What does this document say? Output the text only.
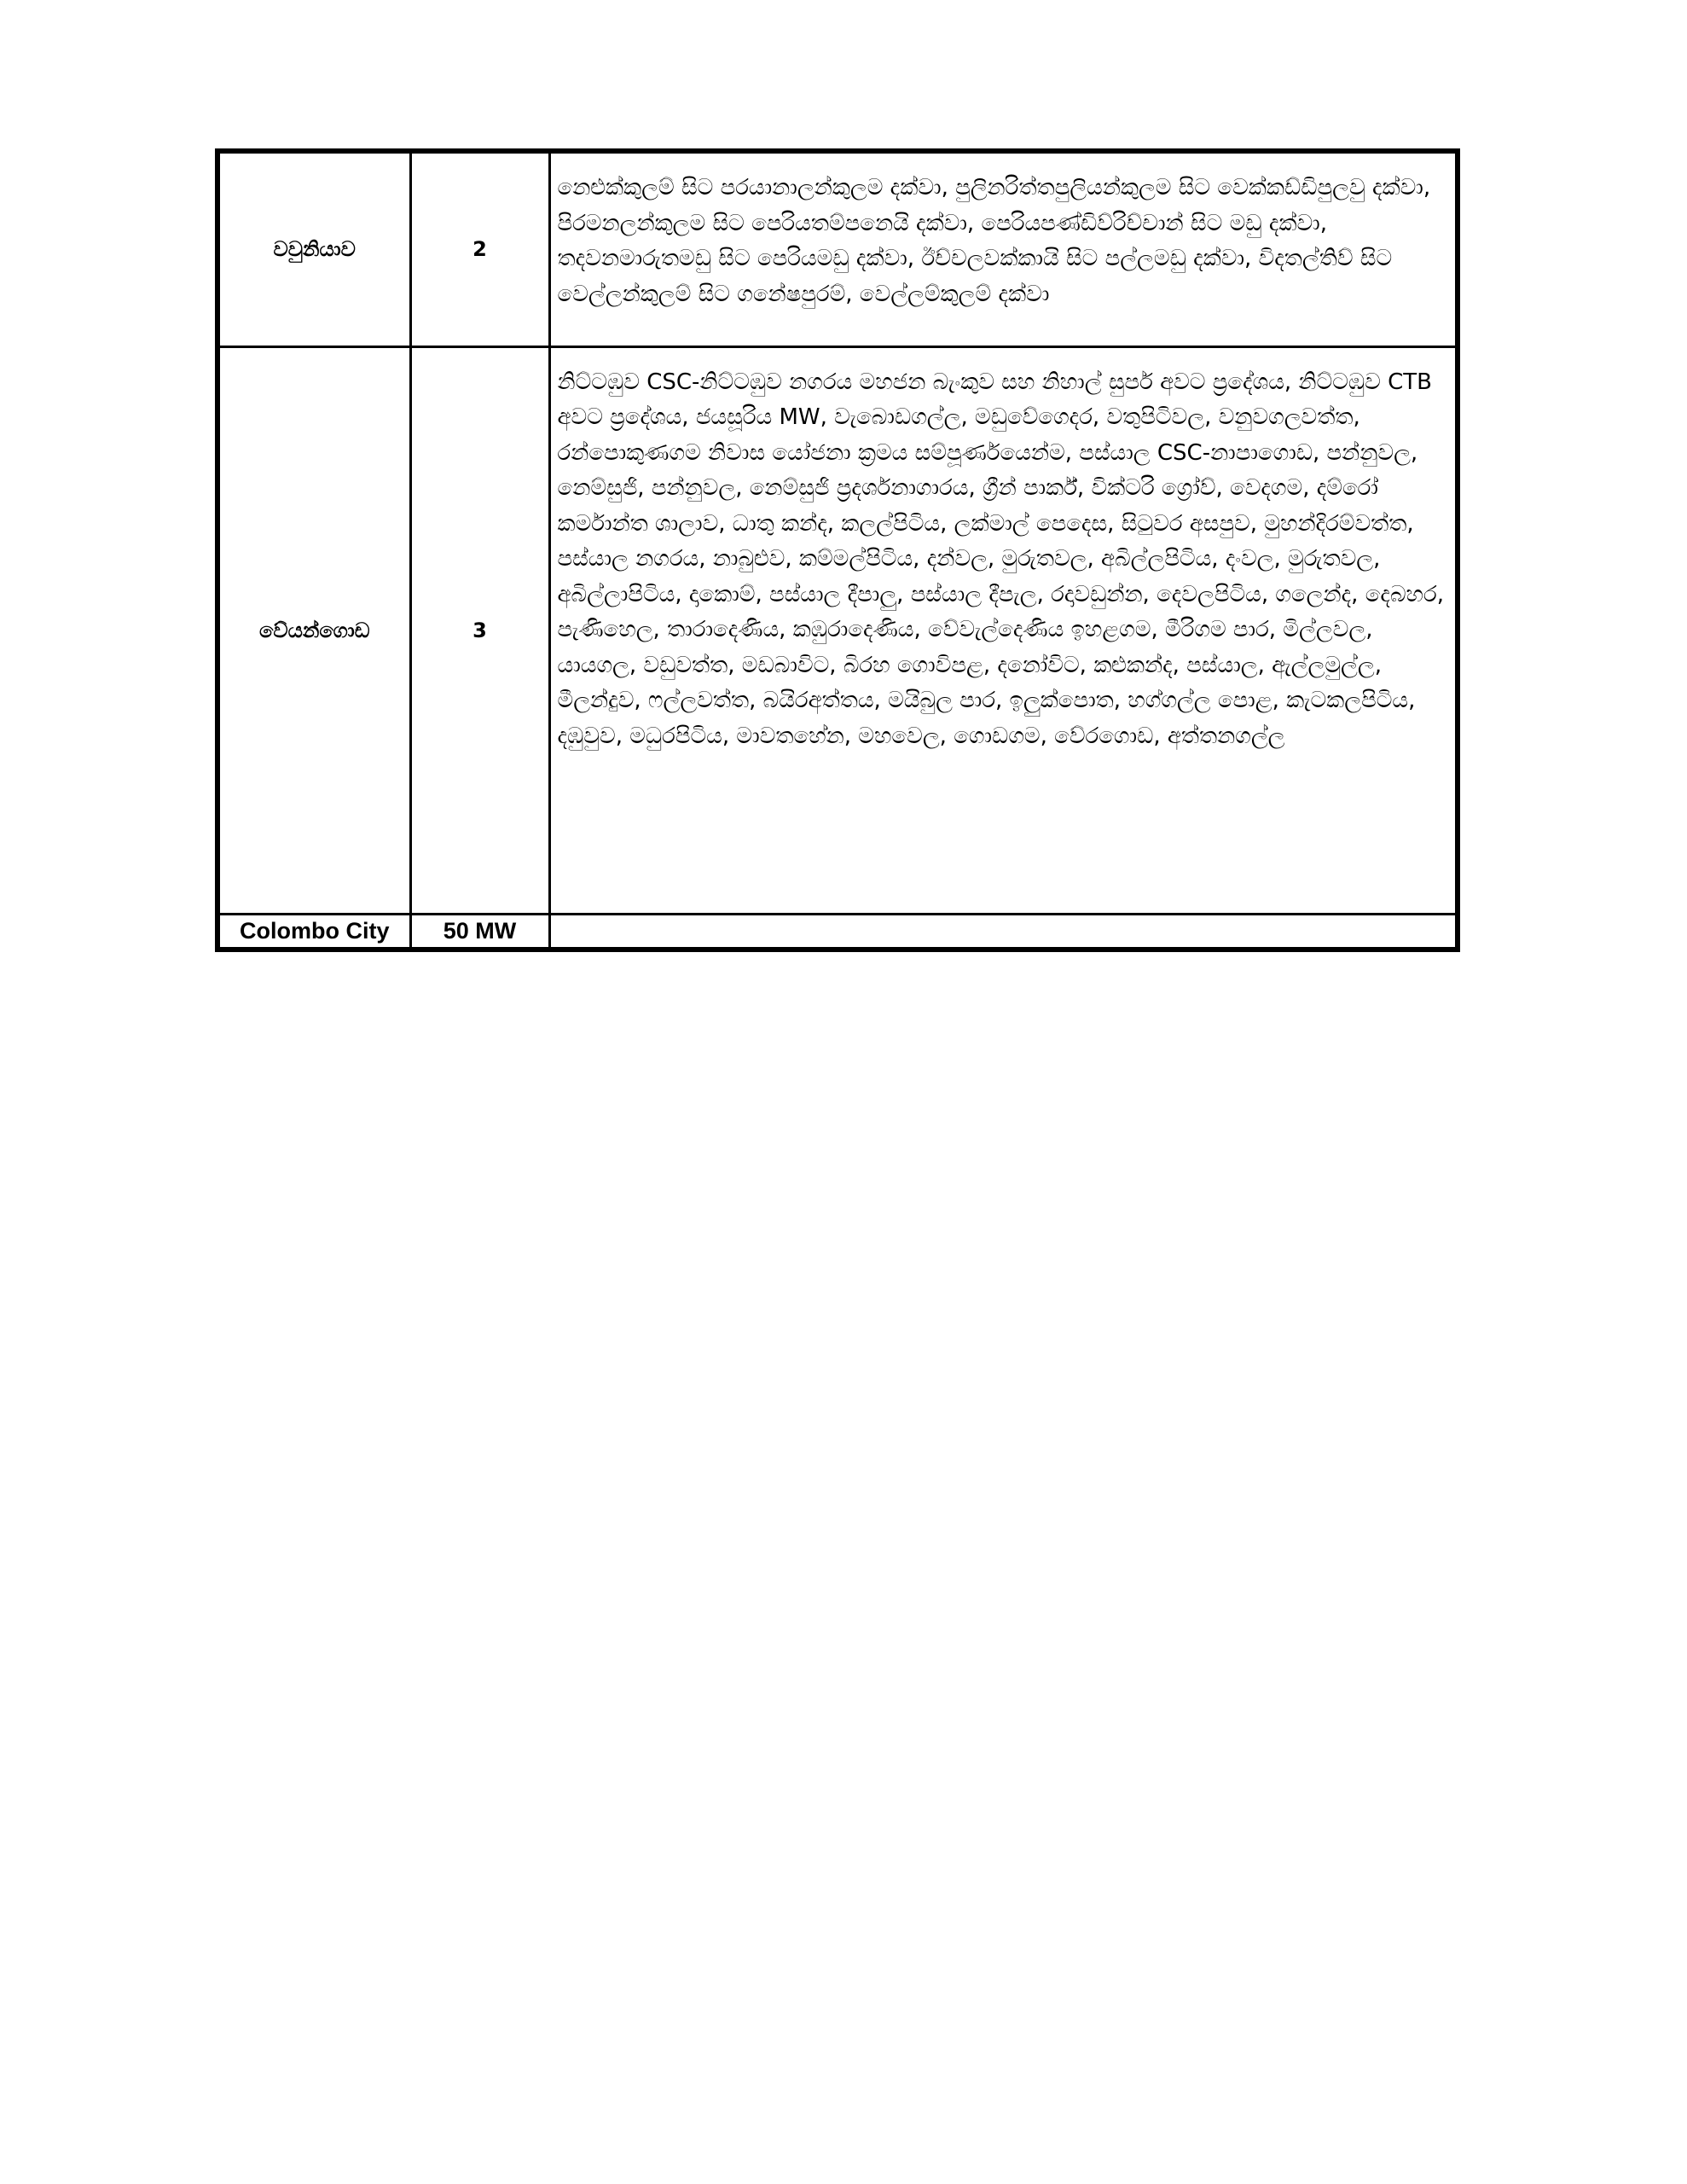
වවුනියාව	2	නෙළුක්කුලම් සිට පරයානාලන්කුලම දක්වා, පුලිනරිත්තපුලියන්කුලම සිට වෙක්කඩ්ඩිපුලවු දක්වා, පිරමනලන්කුලම සිට පෙරියතම්පනෙයි දක්වා, පෙරියපණ්ඩිව්රිච්චාන් සිට මඩු දක්වා, තදවනමාරුතමඩු සිට පෙරියමඩු දක්වා, ඊච්චලවක්කායි සිට පල්ලමඩු දක්වා, විදතල්තිව් සිට වෙල්ලන්කුලම් සිට ගනේෂපුරම්, වෙල්ලම්කුලම් දක්වා
වේයන්ගොඩ	3	නිට්ටඹුව CSC-නිට්ටඹුව නගරය මහජන බැංකුව සහ නිහාල් සුපර් අවට ප්‍රදේශය, නිට්ටඹුව CTB අවට ප්‍රදේශය, ජයසූරිය MW, වැබොඩගල්ල, මඩුවේගෙදර, වතුපිටිවල, වනුවගලවත්ත, රන්පොකුණගම නිවාස යෝජනා ක්‍රමය සම්පූර්ණයෙන්ම, පස්යාල CSC-නාපාගොඩ, පන්නුවල, නෙම්සුජි, පන්නුවල, නෙම්සුජි ප්‍රදර්ශනාගාරය, ග්‍රීන් පාර්ක්, වික්ටරි ග්‍රෝව්, වෙදගම, දම්රෝ කර්මාන්ත ශාලාව, ධාතු කන්ද, කලල්පිටිය, ලක්මාල් පෙදෙස, සිටුවර අසපුව, මුහන්දිරම්වත්ත, පස්යාල නගරය, නාබුළුව, කම්මල්පිටිය, දන්වල, මුරුතවල, අබිල්ලපිටිය, දංවල, මුරුතවල, අබිල්ලාපිටිය, දාකොම්, පස්යාල දීපාලු, පස්යාල දීපැල, රදාවඩුන්න, දෙවලපිටිය, ගලෙන්ද, දෙබහර, පැණිහෙල, තාරාදෙණිය, කඹුරාදෙණිය, වේවැල්දෙණිය ඉහළගම, මීරිගම පාර, මිල්ලවල, යායගල, වඩුවත්ත, මඩබාවිට, බිරහ ගොවිපළ, දනෝවිට, කළුකන්ද, පස්යාල, ඇල්ලමුල්ල, මීලන්දුව, ෆල්ලවත්ත, බයිරඅත්තය, මයිබුල පාර, ඉලුක්පොත, හග්ගල්ල පොළ, කැටකලපිටිය, දඹුවුව, මධුරපිටිය, මාවතහේන, මහවෙල, ගොඩගම, වේරගොඩ, අත්තනගල්ල
Colombo City	50 MW	
